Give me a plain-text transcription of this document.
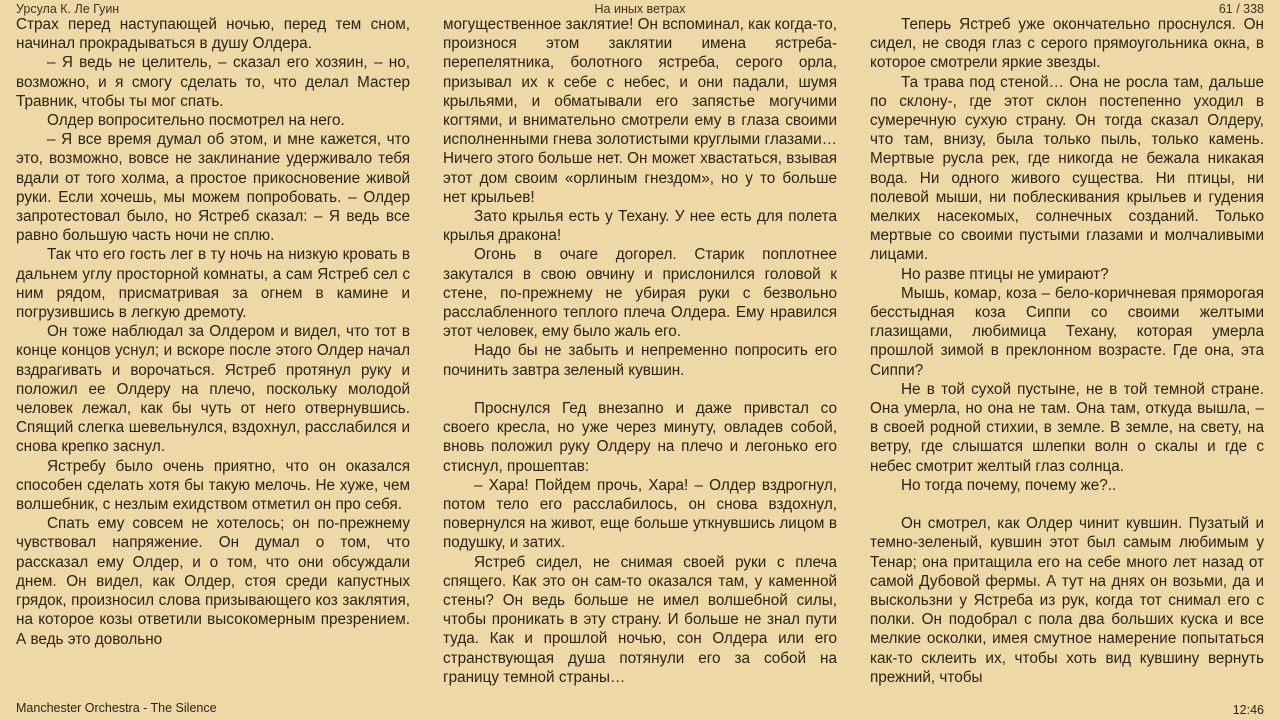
Урсула К. Ле Гуин	На иных ветрах	61 / 338

Страх перед наступающей ночью, перед тем сном, начинал прокрадываться в душу Олдера.

– Я ведь не целитель, – сказал его хозяин, – но, возможно, и я смогу сделать то, что делал Мастер Травник, чтобы ты мог спать.

Олдер вопросительно посмотрел на него.

– Я все время думал об этом, и мне кажется, что это, возможно, вовсе не заклинание удерживало тебя вдали от того холма, а простое прикосновение живой руки. Если хочешь, мы можем попробовать. – Олдер запротестовал было, но Ястреб сказал: – Я ведь все равно большую часть ночи не сплю.

Так что его гость лег в ту ночь на низкую кровать в дальнем углу просторной комнаты, а сам Ястреб сел с ним рядом, присматривая за огнем в камине и погрузившись в легкую дремоту.

Он тоже наблюдал за Олдером и видел, что тот в конце концов уснул; и вскоре после этого Олдер начал вздрагивать и ворочаться. Ястреб протянул руку и положил ее Олдеру на плечо, поскольку молодой человек лежал, как бы чуть от него отвернувшись. Спящий слегка шевельнулся, вздохнул, расслабился и снова крепко заснул.

Ястребу было очень приятно, что он оказался способен сделать хотя бы такую мелочь. Не хуже, чем волшебник, с незлым ехидством отметил он про себя.

Спать ему совсем не хотелось; он по-прежнему чувствовал напряжение. Он думал о том, что рассказал ему Олдер, и о том, что они обсуждали днем. Он видел, как Олдер, стоя среди капустных грядок, произносил слова призывающего коз заклятия, на которое козы ответили высокомерным презрением. А ведь это довольно

могущественное заклятие! Он вспоминал, как когда-то, произнося этом заклятии имена ястреба-перепелятника, болотного ястреба, серого орла, призывал их к себе с небес, и они падали, шумя крыльями, и обматывали его запястье могучими когтями, и внимательно смотрели ему в глаза своими исполненными гнева золотистыми круглыми глазами… Ничего этого больше нет. Он может хвастаться, взывая этот дом своим «орлиным гнездом», но у то больше нет крыльев!

Зато крылья есть у Техану. У нее есть для полета крылья дракона!

Огонь в очаге догорел. Старик поплотнее закутался в свою овчину и прислонился головой к стене, по-прежнему не убирая руки с безвольно расслабленного теплого плеча Олдера. Ему нравился этот человек, ему было жаль его.

Надо бы не забыть и непременно попросить его починить завтра зеленый кувшин.

Проснулся Гед внезапно и даже привстал со своего кресла, но уже через минуту, овладев собой, вновь положил руку Олдеру на плечо и легонько его стиснул, прошептав:

– Хара! Пойдем прочь, Хара! – Олдер вздрогнул, потом тело его расслабилось, он снова вздохнул, повернулся на живот, еще больше уткнувшись лицом в подушку, и затих.

Ястреб сидел, не снимая своей руки с плеча спящего. Как это он сам-то оказался там, у каменной стены? Он ведь больше не имел волшебной силы, чтобы проникать в эту страну. И больше не знал пути туда. Как и прошлой ночью, сон Олдера или его странствующая душа потянули его за собой на границу темной страны…

Теперь Ястреб уже окончательно проснулся. Он сидел, не сводя глаз с серого прямоугольника окна, в которое смотрели яркие звезды.

Та трава под стеной… Она не росла там, дальше по склону-, где этот склон постепенно уходил в сумеречную сухую страну. Он тогда сказал Олдеру, что там, внизу, была только пыль, только камень. Мертвые русла рек, где никогда не бежала никакая вода. Ни одного живого существа. Ни птицы, ни полевой мыши, ни поблескивания крыльев и гудения мелких насекомых, солнечных созданий. Только мертвые со своими пустыми глазами и молчаливыми лицами.

Но разве птицы не умирают?

Мышь, комар, коза – бело-коричневая пряморогая бесстыдная коза Сиппи со своими желтыми глазищами, любимица Техану, которая умерла прошлой зимой в преклонном возрасте. Где она, эта Сиппи?

Не в той сухой пустыне, не в той темной стране. Она умерла, но она не там. Она там, откуда вышла, – в своей родной стихии, в земле. В земле, на свету, на ветру, где слышатся шлепки волн о скалы и где с небес смотрит желтый глаз солнца.

Но тогда почему, почему же?..

Он смотрел, как Олдер чинит кувшин. Пузатый и темно-зеленый, кувшин этот был самым любимым у Тенар; она притащила его на себе много лет назад от самой Дубовой фермы. А тут на днях он возьми, да и выскользни у Ястреба из рук, когда тот снимал его с полки. Он подобрал с пола два больших куска и все мелкие осколки, имея смутное намерение попытаться как-то склеить их, чтобы хоть вид кувшину вернуть прежний, чтобы

Manchester Orchestra - The Silence	12:46
